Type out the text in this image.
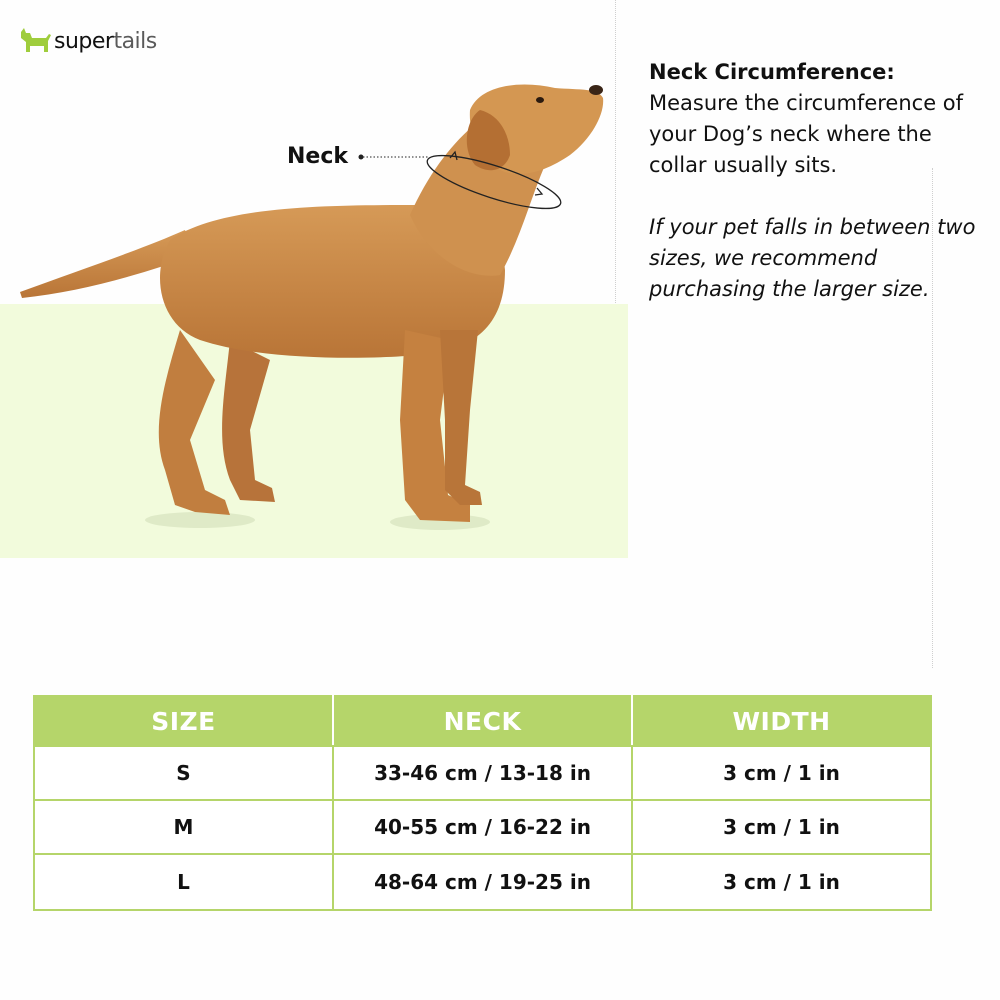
supertails
Neck
Neck Circumference:
Measure the circumference of your Dog’s neck where the collar usually sits.
If your pet falls in between two sizes, we recommend purchasing the larger size.
SIZE	NECK	WIDTH
S	33-46 cm / 13-18 in	3 cm / 1 in
M	40-55 cm / 16-22 in	3 cm / 1 in
L	48-64 cm / 19-25 in	3 cm / 1 in
